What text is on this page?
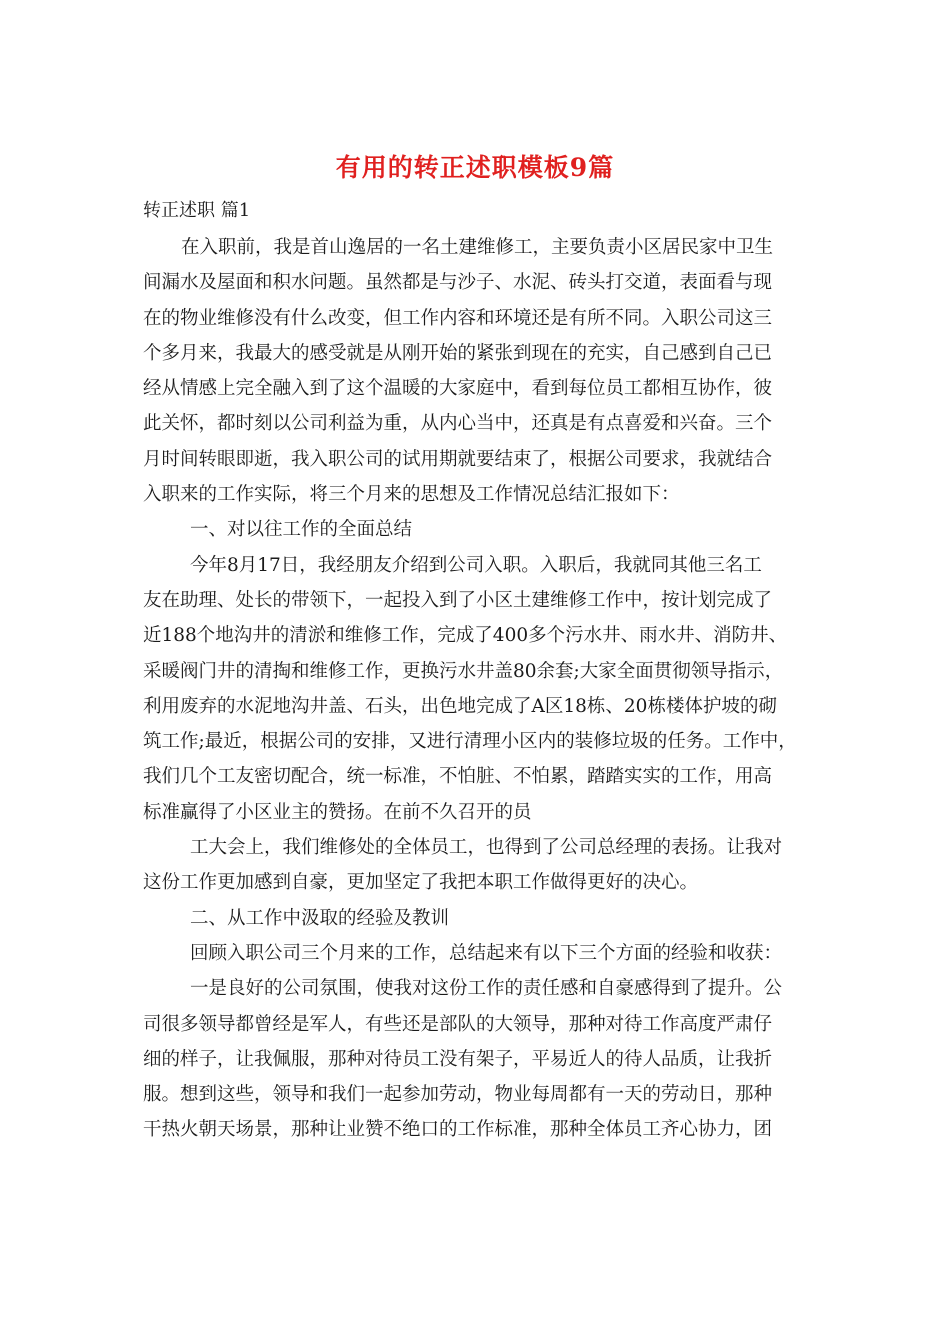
有用的转正述职模板9篇
转正述职 篇1
在入职前，我是首山逸居的一名土建维修工，主要负责小区居民家中卫生
间漏水及屋面和积水问题。虽然都是与沙子、水泥、砖头打交道，表面看与现
在的物业维修没有什么改变，但工作内容和环境还是有所不同。入职公司这三
个多月来，我最大的感受就是从刚开始的紧张到现在的充实，自己感到自己已
经从情感上完全融入到了这个温暖的大家庭中，看到每位员工都相互协作，彼
此关怀，都时刻以公司利益为重，从内心当中，还真是有点喜爱和兴奋。三个
月时间转眼即逝，我入职公司的试用期就要结束了，根据公司要求，我就结合
入职来的工作实际，将三个月来的思想及工作情况总结汇报如下：
一、对以往工作的全面总结
今年8月17日，我经朋友介绍到公司入职。入职后，我就同其他三名工
友在助理、处长的带领下，一起投入到了小区土建维修工作中，按计划完成了
近188个地沟井的清淤和维修工作，完成了400多个污水井、雨水井、消防井、
采暖阀门井的清掏和维修工作，更换污水井盖80余套;大家全面贯彻领导指示，
利用废弃的水泥地沟井盖、石头，出色地完成了A区18栋、20栋楼体护坡的砌
筑工作;最近，根据公司的安排，又进行清理小区内的装修垃圾的任务。工作中，
我们几个工友密切配合，统一标准，不怕脏、不怕累，踏踏实实的工作，用高
标准赢得了小区业主的赞扬。在前不久召开的员
工大会上，我们维修处的全体员工，也得到了公司总经理的表扬。让我对
这份工作更加感到自豪，更加坚定了我把本职工作做得更好的决心。
二、从工作中汲取的经验及教训
回顾入职公司三个月来的工作，总结起来有以下三个方面的经验和收获：
一是良好的公司氛围，使我对这份工作的责任感和自豪感得到了提升。公
司很多领导都曾经是军人，有些还是部队的大领导，那种对待工作高度严肃仔
细的样子，让我佩服，那种对待员工没有架子，平易近人的待人品质，让我折
服。想到这些，领导和我们一起参加劳动，物业每周都有一天的劳动日，那种
干热火朝天场景，那种让业赞不绝口的工作标准，那种全体员工齐心协力，团
